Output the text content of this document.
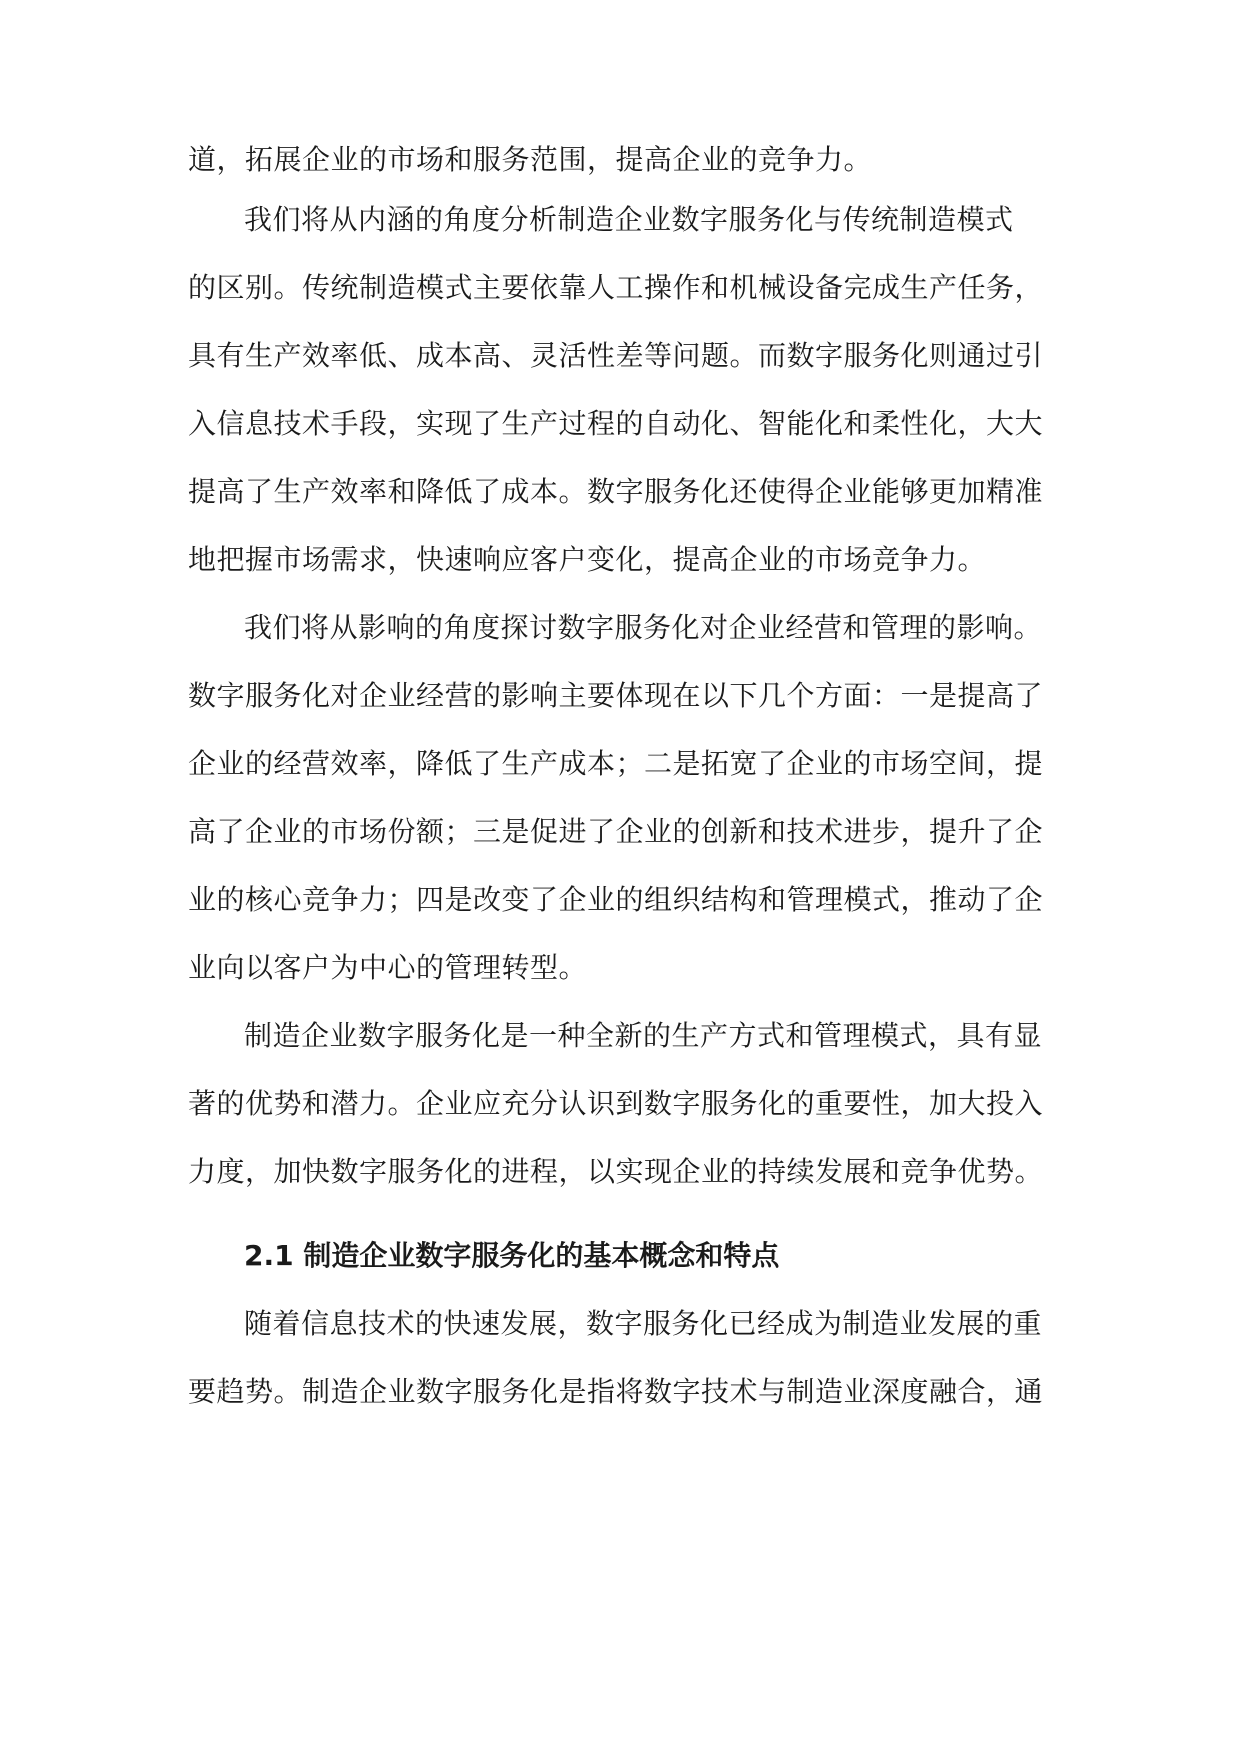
道，拓展企业的市场和服务范围，提高企业的竞争力。
我们将从内涵的角度分析制造企业数字服务化与传统制造模式
的区别。传统制造模式主要依靠人工操作和机械设备完成生产任务，
具有生产效率低、成本高、灵活性差等问题。而数字服务化则通过引
入信息技术手段，实现了生产过程的自动化、智能化和柔性化，大大
提高了生产效率和降低了成本。数字服务化还使得企业能够更加精准
地把握市场需求，快速响应客户变化，提高企业的市场竞争力。
我们将从影响的角度探讨数字服务化对企业经营和管理的影响。
数字服务化对企业经营的影响主要体现在以下几个方面：一是提高了
企业的经营效率，降低了生产成本；二是拓宽了企业的市场空间，提
高了企业的市场份额；三是促进了企业的创新和技术进步，提升了企
业的核心竞争力；四是改变了企业的组织结构和管理模式，推动了企
业向以客户为中心的管理转型。
制造企业数字服务化是一种全新的生产方式和管理模式，具有显
著的优势和潜力。企业应充分认识到数字服务化的重要性，加大投入
力度，加快数字服务化的进程，以实现企业的持续发展和竞争优势。
2.1 制造企业数字服务化的基本概念和特点
随着信息技术的快速发展，数字服务化已经成为制造业发展的重
要趋势。制造企业数字服务化是指将数字技术与制造业深度融合，通
